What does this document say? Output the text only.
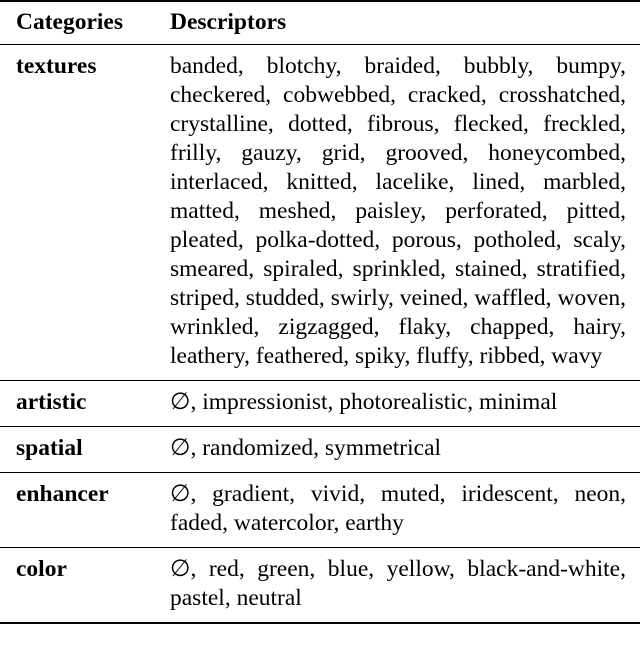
Categories	Descriptors
textures	banded, blotchy, braided, bubbly, bumpy, checkered, cobwebbed, cracked, crosshatched, crystalline, dotted, fibrous, flecked, freckled, frilly, gauzy, grid, grooved, honeycombed, interlaced, knitted, lacelike, lined, marbled, matted, meshed, paisley, perforated, pitted, pleated, polka-dotted, porous, potholed, scaly, smeared, spiraled, sprinkled, stained, stratified, striped, studded, swirly, veined, waffled, woven, wrinkled, zigzagged, flaky, chapped, hairy, leathery, feathered, spiky, fluffy, ribbed, wavy
artistic	∅, impressionist, photorealistic, minimal
spatial	∅, randomized, symmetrical
enhancer	∅, gradient, vivid, muted, iridescent, neon, faded, watercolor, earthy
color	∅, red, green, blue, yellow, black-and-white, pastel, neutral
